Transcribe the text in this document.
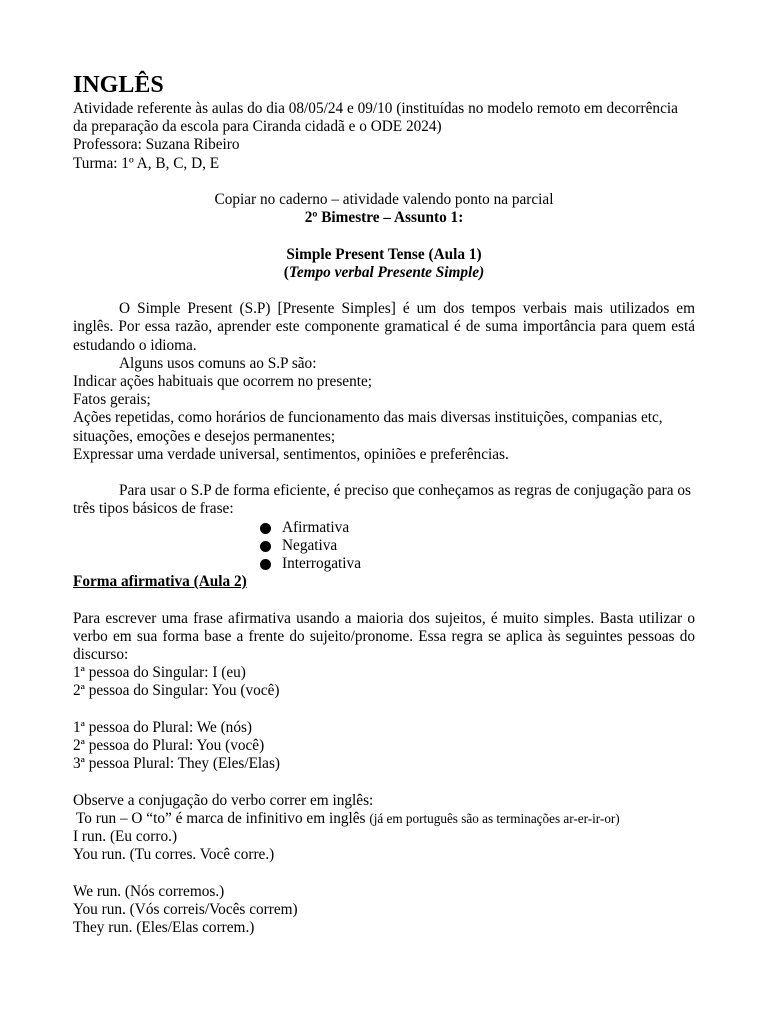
INGLÊS

Atividade referente às aulas do dia 08/05/24 e 09/10 (instituídas no modelo remoto em decorrência da preparação da escola para Ciranda cidadã e o ODE 2024)

Professora: Suzana Ribeiro

Turma: 1º A, B, C, D, E

Copiar no caderno – atividade valendo ponto na parcial

2º Bimestre – Assunto 1:

Simple Present Tense (Aula 1)

(Tempo verbal Presente Simple)

O Simple Present (S.P) [Presente Simples] é um dos tempos verbais mais utilizados em inglês. Por essa razão, aprender este componente gramatical é de suma importância para quem está estudando o idioma.

Alguns usos comuns ao S.P são:

Indicar ações habituais que ocorrem no presente;

Fatos gerais;

Ações repetidas, como horários de funcionamento das mais diversas instituições, companias etc, situações, emoções e desejos permanentes;

Expressar uma verdade universal, sentimentos, opiniões e preferências.

Para usar o S.P de forma eficiente, é preciso que conheçamos as regras de conjugação para os três tipos básicos de frase:

Afirmativa
Negativa
Interrogativa

Forma afirmativa (Aula 2)

Para escrever uma frase afirmativa usando a maioria dos sujeitos, é muito simples. Basta utilizar o verbo em sua forma base a frente do sujeito/pronome. Essa regra se aplica às seguintes pessoas do discurso:

1ª pessoa do Singular: I (eu)

2ª pessoa do Singular: You (você)

1ª pessoa do Plural: We (nós)

2ª pessoa do Plural: You (você)

3ª pessoa Plural: They (Eles/Elas)

Observe a conjugação do verbo correr em inglês:

To run – O “to” é marca de infinitivo em inglês (já em português são as terminações ar-er-ir-or)

I run. (Eu corro.)

You run. (Tu corres. Você corre.)

We run. (Nós corremos.)

You run. (Vós correis/Vocês correm)

They run. (Eles/Elas correm.)
